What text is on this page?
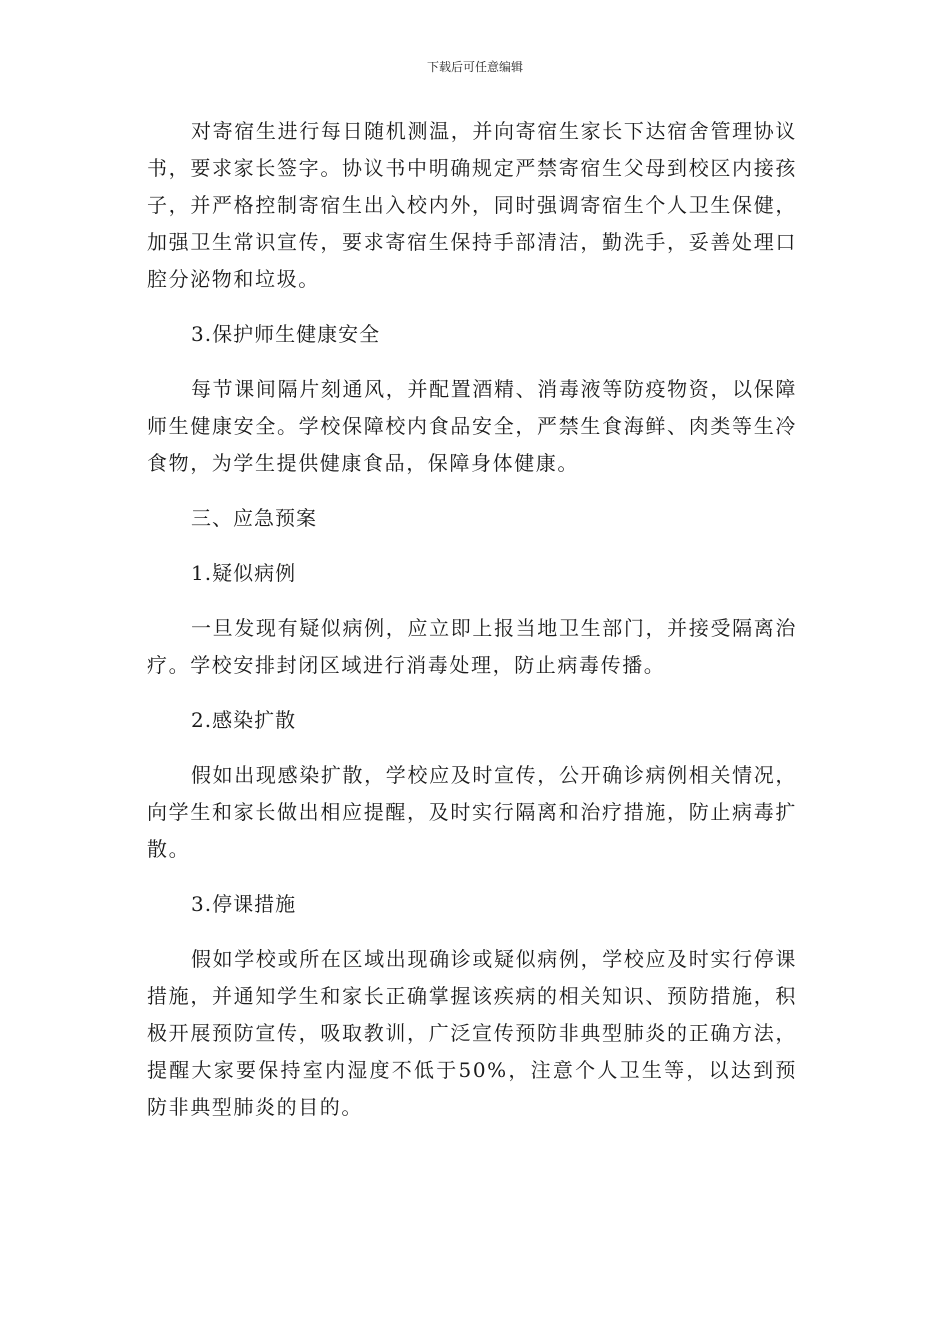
下载后可任意编辑

对寄宿生进行每日随机测温，并向寄宿生家长下达宿舍管理协议书，要求家长签字。协议书中明确规定严禁寄宿生父母到校区内接孩子，并严格控制寄宿生出入校内外，同时强调寄宿生个人卫生保健，加强卫生常识宣传，要求寄宿生保持手部清洁，勤洗手，妥善处理口腔分泌物和垃圾。

3.保护师生健康安全

每节课间隔片刻通风，并配置酒精、消毒液等防疫物资，以保障师生健康安全。学校保障校内食品安全，严禁生食海鲜、肉类等生冷食物，为学生提供健康食品，保障身体健康。

三、应急预案

1.疑似病例

一旦发现有疑似病例，应立即上报当地卫生部门，并接受隔离治疗。学校安排封闭区域进行消毒处理，防止病毒传播。

2.感染扩散

假如出现感染扩散，学校应及时宣传，公开确诊病例相关情况，向学生和家长做出相应提醒，及时实行隔离和治疗措施，防止病毒扩散。

3.停课措施

假如学校或所在区域出现确诊或疑似病例，学校应及时实行停课措施，并通知学生和家长正确掌握该疾病的相关知识、预防措施，积极开展预防宣传，吸取教训，广泛宣传预防非典型肺炎的正确方法，提醒大家要保持室内湿度不低于50%，注意个人卫生等，以达到预防非典型肺炎的目的。
